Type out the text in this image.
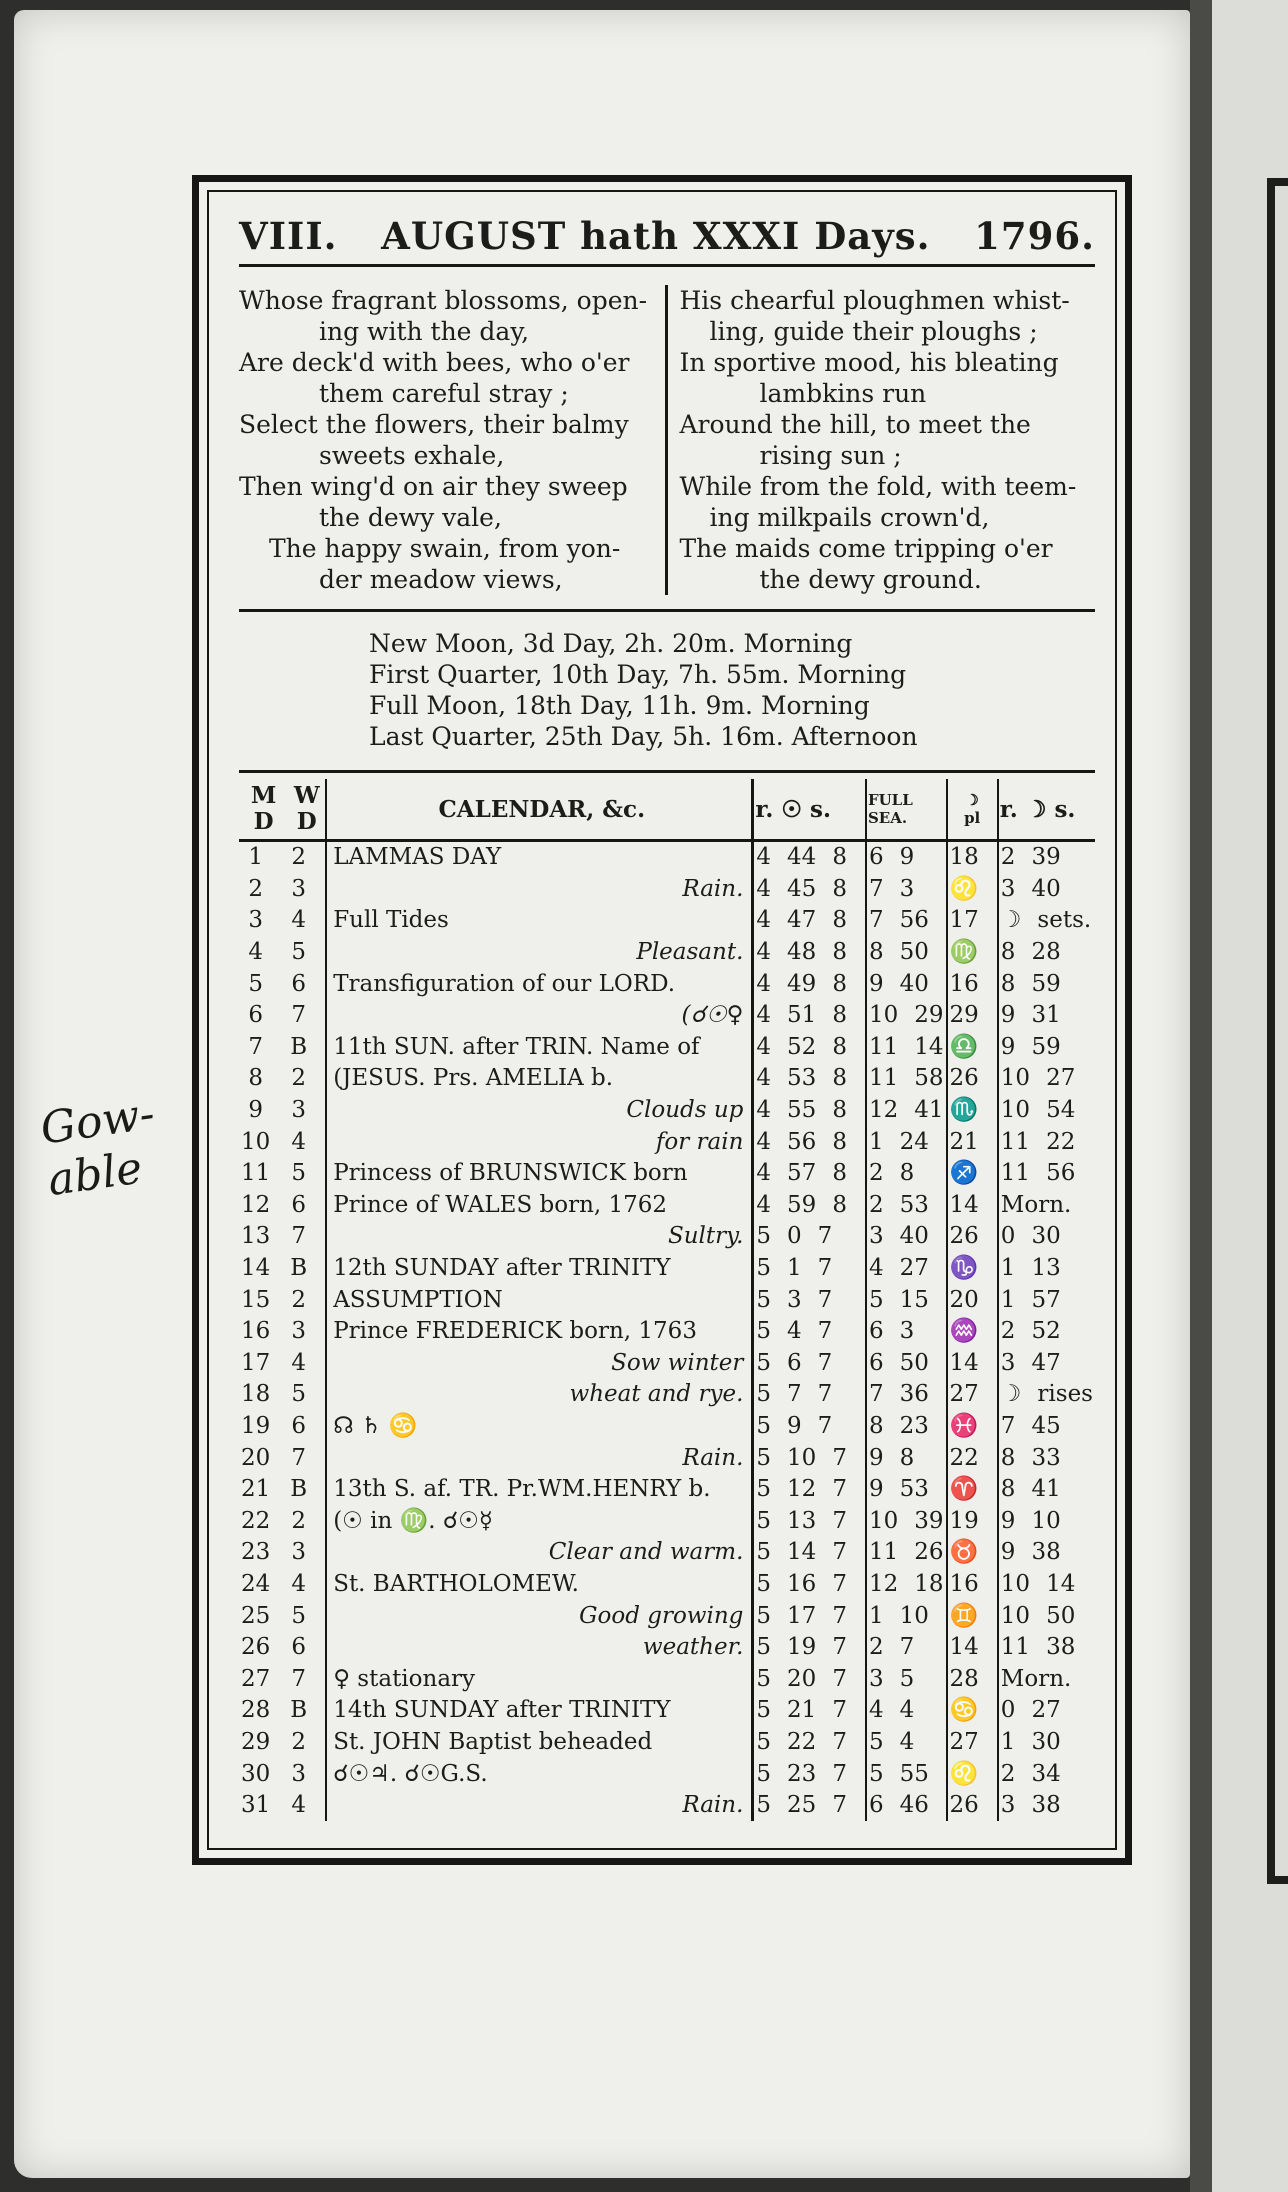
Gow-
able
VIII.	AUGUST hath XXXI Days.	1796.
Whose fragrant blossoms, open-
ing with the day,
Are deck'd with bees, who o'er
them careful stray ;
Select the flowers, their balmy
sweets exhale,
Then wing'd on air they sweep
the dewy vale,
The happy swain, from yon-
der meadow views,
His chearful ploughmen whist-
ling, guide their ploughs ;
In sportive mood, his bleating
lambkins run
Around the hill, to meet the
rising sun ;
While from the fold, with teem-
ing milkpails crown'd,
The maids come tripping o'er
the dewy ground.
New Moon, 3d Day, 2h. 20m. Morning
First Quarter, 10th Day, 7h. 55m. Morning
Full Moon, 18th Day, 11h. 9m. Morning
Last Quarter, 25th Day, 5h. 16m. Afternoon
M D	W D	CALENDAR, &c.	r. ☉ s.	FULL
SEA.	☽
pl	r. ☽ s.
1	2	LAMMAS DAY	4 44 8	6 9	18	2 39
2	3	Rain.	4 45 8	7 3	♌	3 40
3	4	Full Tides	4 47 8	7 56	17	☽ sets.
4	5	Pleasant.	4 48 8	8 50	♍	8 28
5	6	Transfiguration of our LORD.	4 49 8	9 40	16	8 59
6	7	(☌☉♀	4 51 8	10 29	29	9 31
7	B	11th SUN. after TRIN. Name of	4 52 8	11 14	♎	9 59
8	2	(JESUS. Prs. AMELIA b.	4 53 8	11 58	26	10 27
9	3	Clouds up	4 55 8	12 41	♏	10 54
10	4	for rain	4 56 8	1 24	21	11 22
11	5	Princess of BRUNSWICK born	4 57 8	2 8	♐	11 56
12	6	Prince of WALES born, 1762	4 59 8	2 53	14	Morn.
13	7	Sultry.	5 0 7	3 40	26	0 30
14	B	12th SUNDAY after TRINITY	5 1 7	4 27	♑	1 13
15	2	ASSUMPTION	5 3 7	5 15	20	1 57
16	3	Prince FREDERICK born, 1763	5 4 7	6 3	♒	2 52
17	4	Sow winter	5 6 7	6 50	14	3 47
18	5	wheat and rye.	5 7 7	7 36	27	☽ rises
19	6	☊ ♄ ♋	5 9 7	8 23	♓	7 45
20	7	Rain.	5 10 7	9 8	22	8 33
21	B	13th S. af. TR. Pr.WM.HENRY b.	5 12 7	9 53	♈	8 41
22	2	(☉ in ♍. ☌☉☿	5 13 7	10 39	19	9 10
23	3	Clear and warm.	5 14 7	11 26	♉	9 38
24	4	St. BARTHOLOMEW.	5 16 7	12 18	16	10 14
25	5	Good growing	5 17 7	1 10	♊	10 50
26	6	weather.	5 19 7	2 7	14	11 38
27	7	♀ stationary	5 20 7	3 5	28	Morn.
28	B	14th SUNDAY after TRINITY	5 21 7	4 4	♋	0 27
29	2	St. JOHN Baptist beheaded	5 22 7	5 4	27	1 30
30	3	☌☉♃. ☌☉G.S.	5 23 7	5 55	♌	2 34
31	4	Rain.	5 25 7	6 46	26	3 38
